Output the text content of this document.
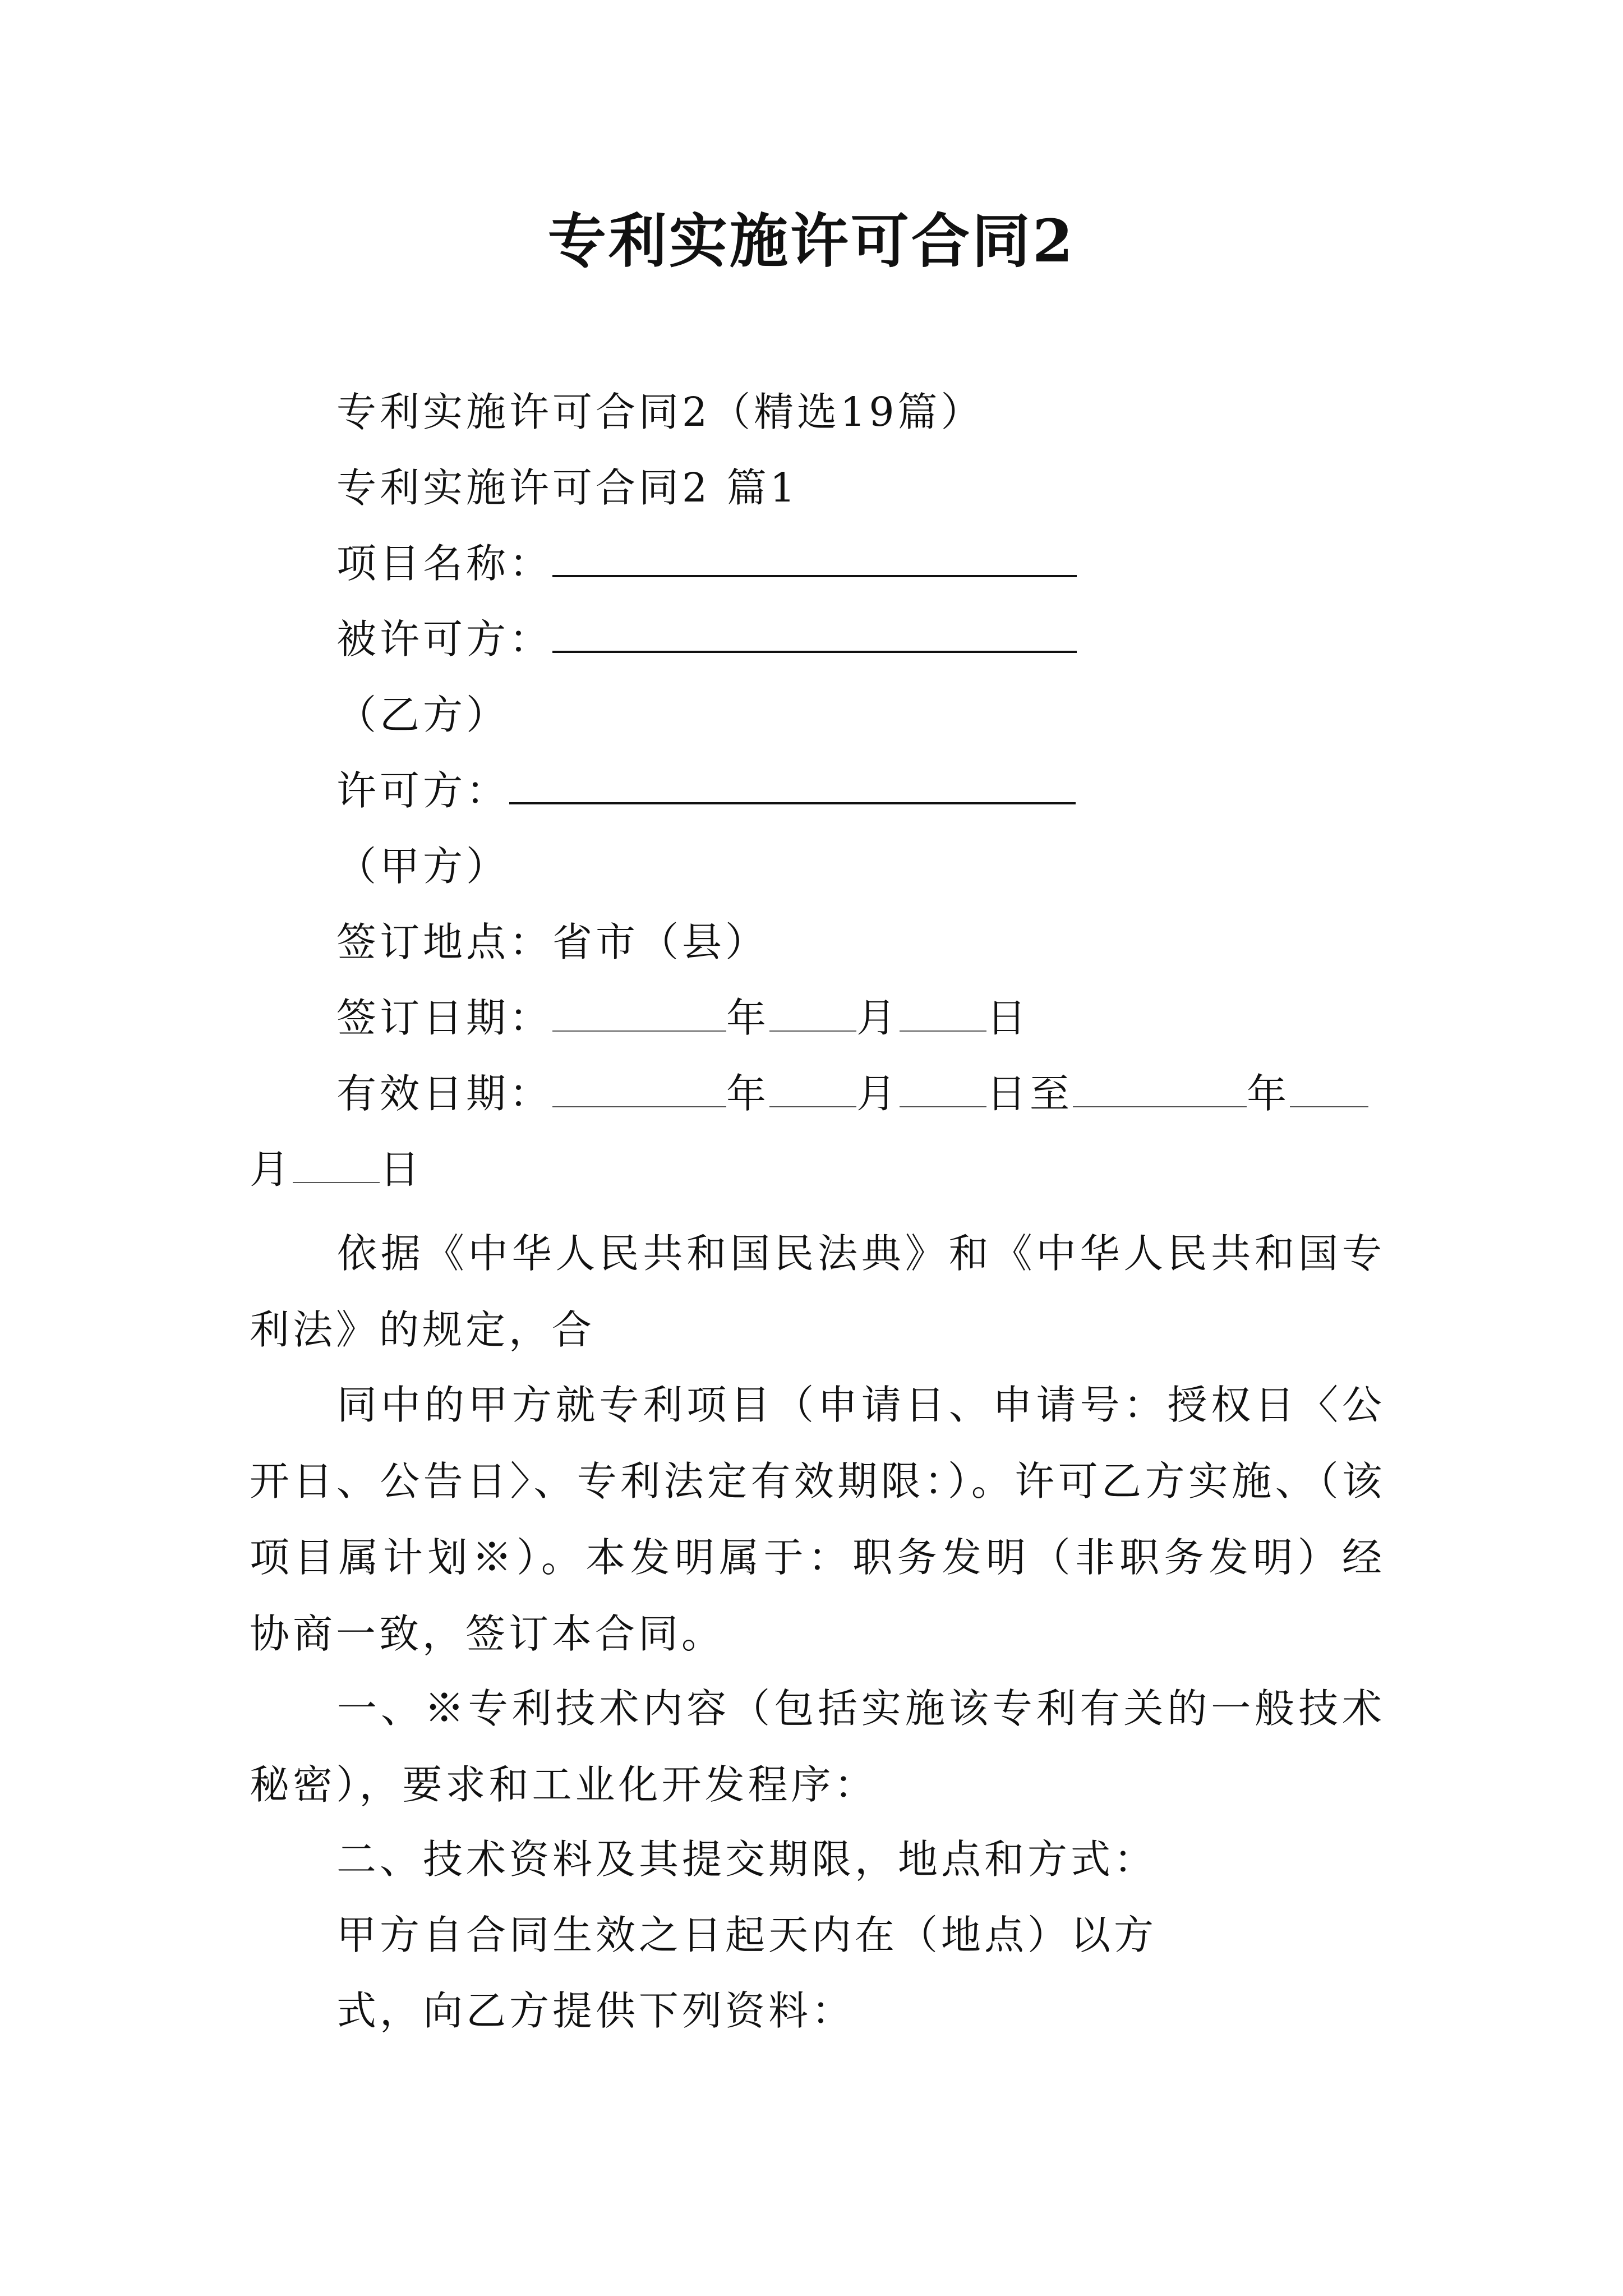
专利实施许可合同2

专利实施许可合同2（精选19篇）

专利实施许可合同2 篇1

项目名称：

被许可方：

（乙方）

许可方：

（甲方）

签订地点：省市（县）

签订日期：	年 月 日

有效日期：	年 月 日至	年

月 日

依据《中华人民共和国民法典》和《中华人民共和国专利法》的规定，合

同中的甲方就专利项目（申请日、申请号：授权日〈公开日、公告日〉、专利法定有效期限：）。许可乙方实施、（该项目属计划※）。本发明属于：职务发明（非职务发明）经协商一致，签订本合同。

一、※专利技术内容（包括实施该专利有关的一般技术秘密），要求和工业化开发程序：

二、技术资料及其提交期限，地点和方式：

甲方自合同生效之日起天内在（地点）以方

式，向乙方提供下列资料：
